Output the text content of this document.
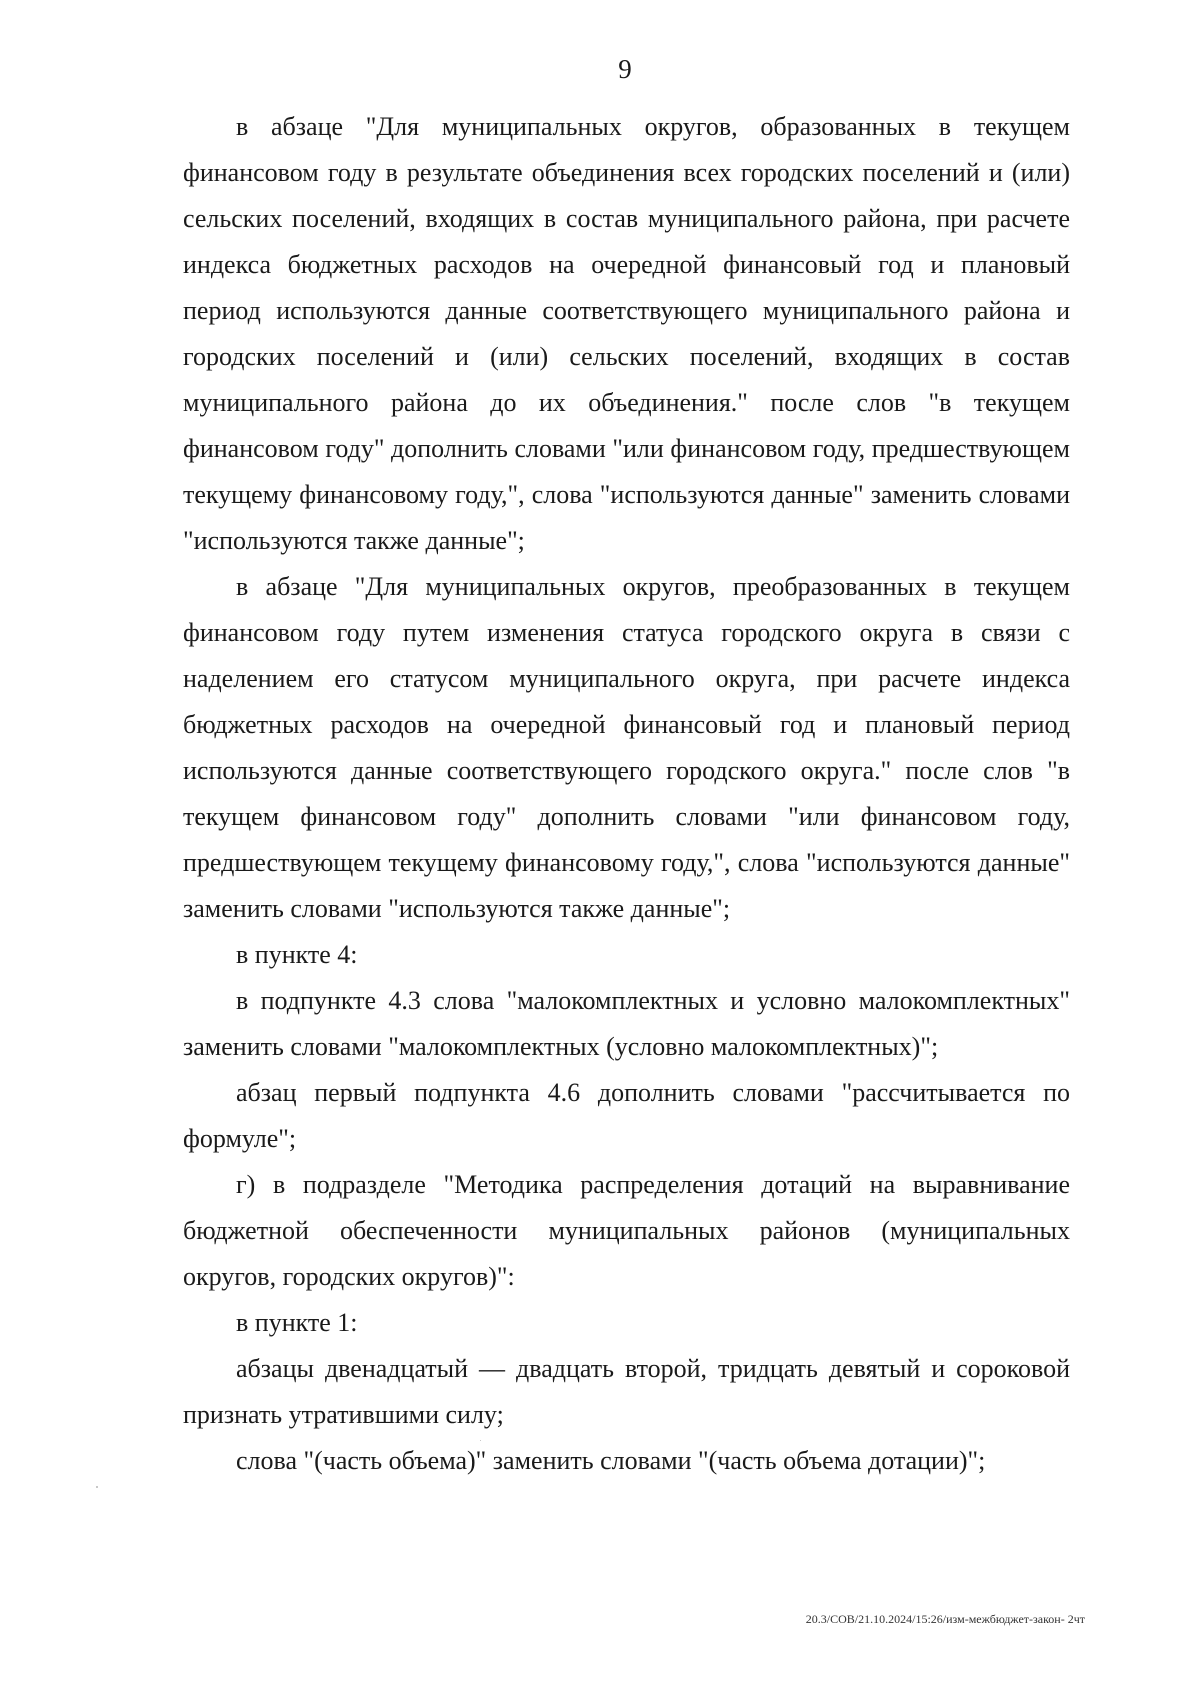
9

в абзаце "Для муниципальных округов, образованных в текущем финансовом году в результате объединения всех городских поселений и (или) сельских поселений, входящих в состав муниципального района, при расчете индекса бюджетных расходов на очередной финансовый год и плановый период используются данные соответствующего муниципального района и городских поселений и (или) сельских поселений, входящих в состав муниципального района до их объединения." после слов "в текущем финансовом году" дополнить словами "или финансовом году, предшествующем текущему финансовому году,", слова "используются данные" заменить словами "используются также данные";

в абзаце "Для муниципальных округов, преобразованных в текущем финансовом году путем изменения статуса городского округа в связи с наделением его статусом муниципального округа, при расчете индекса бюджетных расходов на очередной финансовый год и плановый период используются данные соответствующего городского округа." после слов "в текущем финансовом году" дополнить словами "или финансовом году, предшествующем текущему финансовому году,", слова "используются данные" заменить словами "используются также данные";

в пункте 4:

в подпункте 4.3 слова "малокомплектных и условно малокомплектных" заменить словами "малокомплектных (условно малокомплектных)";

абзац первый подпункта 4.6 дополнить словами "рассчитывается по формуле";

г) в подразделе "Методика распределения дотаций на выравнивание бюджетной обеспеченности муниципальных районов (муниципальных округов, городских округов)":

в пункте 1:

абзацы двенадцатый — двадцать второй, тридцать девятый и сороковой признать утратившими силу;

слова "(часть объема)" заменить словами "(часть объема дотации)";

20.3/СОВ/21.10.2024/15:26/изм-межбюджет-закон- 2чт
